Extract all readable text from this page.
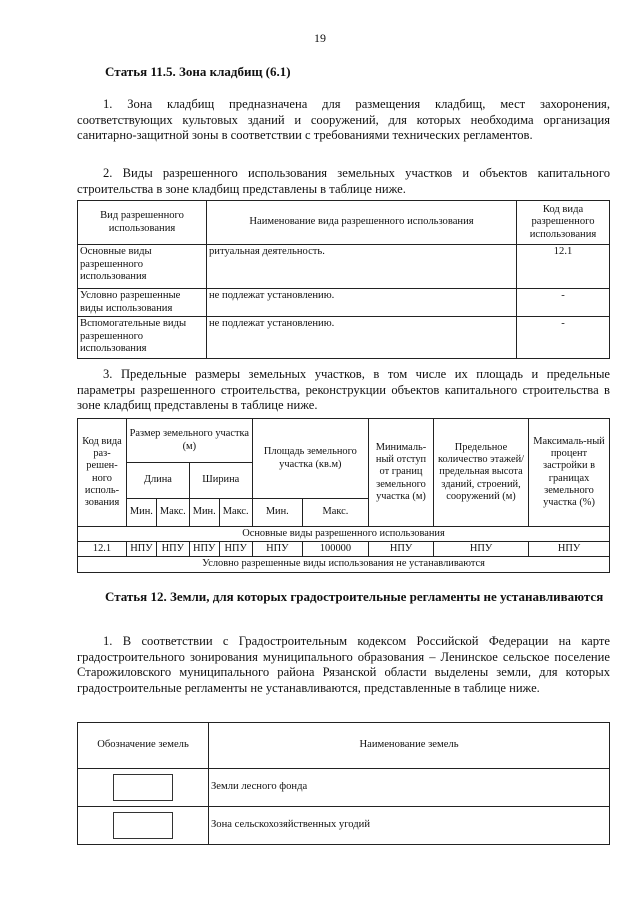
19
Статья 11.5. Зона кладбищ (6.1)
1. Зона кладбищ предназначена для размещения кладбищ, мест захоронения, соответствующих культовых зданий и сооружений, для которых необходима организация санитарно-защитной зоны в соответствии с требованиями технических регламентов.
2. Виды разрешенного использования земельных участков и объектов капитального строительства в зоне кладбищ представлены в таблице ниже.
Вид разрешенного использования	Наименование вида разрешенного использования	Код вида разрешенного использования
Основные виды разрешенного использования	ритуальная деятельность.	12.1
Условно разрешенные виды использования	не подлежат установлению.	-
Вспомогательные виды разрешенного использования	не подлежат установлению.	-
3. Предельные размеры земельных участков, в том числе их площадь и предельные параметры разрешенного строительства, реконструкции объектов капитального строительства в зоне кладбищ представлены в таблице ниже.
Код вида раз-решен-ного исполь-зования	Размер земельного участка (м)				Площадь земельного участка (кв.м)		Минималь-ный отступ от границ земельного участка (м)	Предельное количество этажей/ предельная высота зданий, строений, сооружений (м)	Максималь-ный процент застройки в границах земельного участка (%)
	Длина		Ширина						
	Мин.	Макс.	Мин.	Макс.	Мин.	Макс.			
Основные виды разрешенного использования									
12.1	НПУ	НПУ	НПУ	НПУ	НПУ	100000	НПУ	НПУ	НПУ
Условно разрешенные виды использования не устанавливаются									
Статья 12. Земли, для которых градостроительные регламенты не устанавливаются
1. В соответствии с Градостроительным кодексом Российской Федерации на карте градостроительного зонирования муниципального образования – Ленинское сельское поселение Старожиловского муниципального района Рязанской области выделены земли, для которых градостроительные регламенты не устанавливаются, представленные в таблице ниже.
Обозначение земель	Наименование земель
	Земли лесного фонда
	Зона сельскохозяйственных угодий
